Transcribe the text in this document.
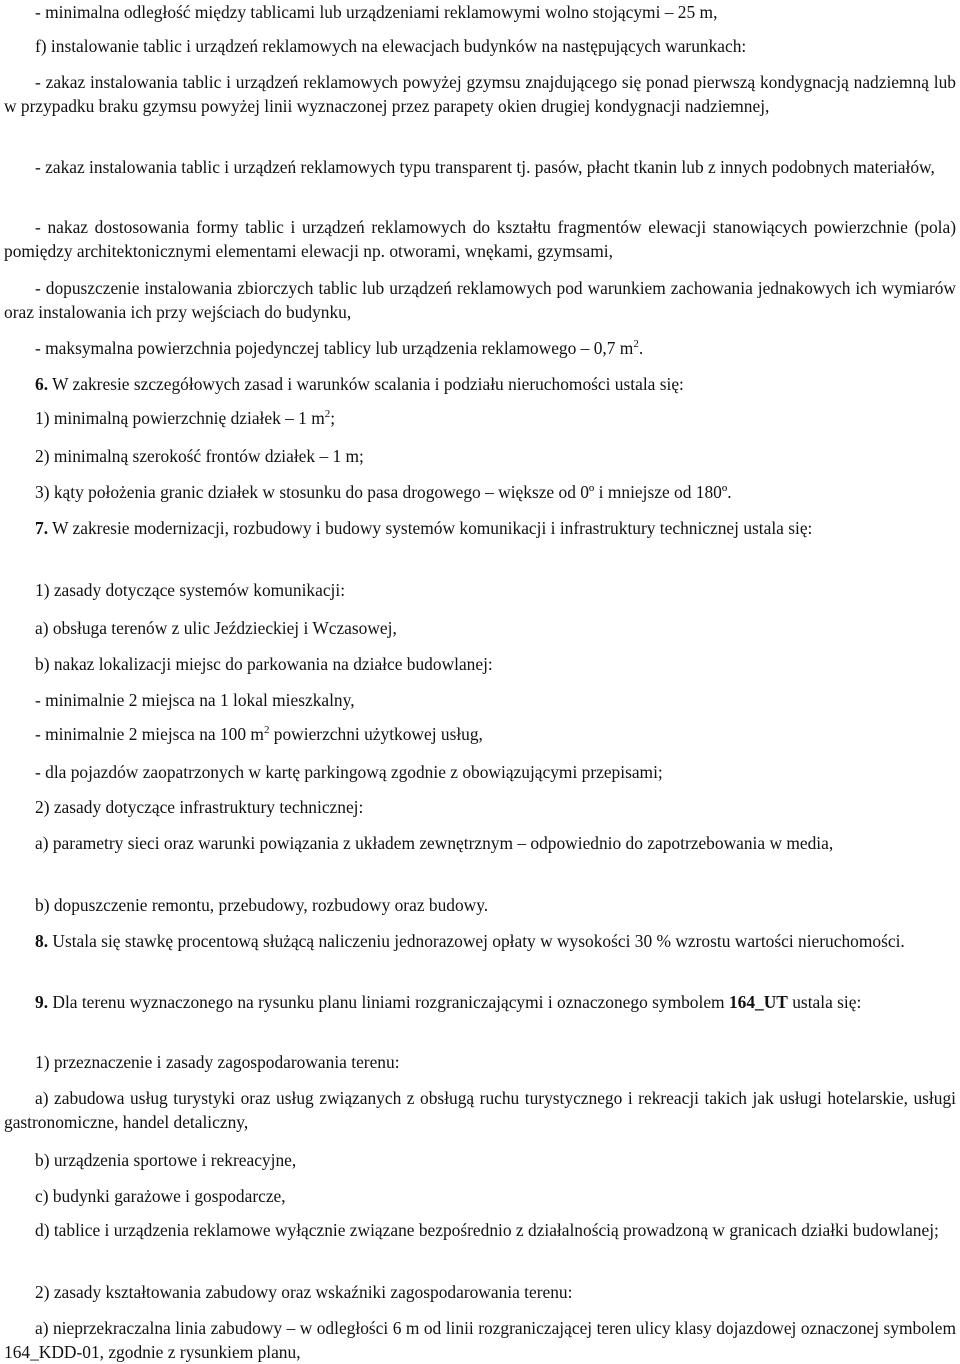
- minimalna odległość między tablicami lub urządzeniami reklamowymi wolno stojącymi – 25 m,

f) instalowanie tablic i urządzeń reklamowych na elewacjach budynków na następujących warunkach:

- zakaz instalowania tablic i urządzeń reklamowych powyżej gzymsu znajdującego się ponad pierwszą kondygnacją nadziemną lub w przypadku braku gzymsu powyżej linii wyznaczonej przez parapety okien drugiej kondygnacji nadziemnej,

- zakaz instalowania tablic i urządzeń reklamowych typu transparent tj. pasów, płacht tkanin lub z innych podobnych materiałów,

- nakaz dostosowania formy tablic i urządzeń reklamowych do kształtu fragmentów elewacji stanowiących powierzchnie (pola) pomiędzy architektonicznymi elementami elewacji np. otworami, wnękami, gzymsami,

- dopuszczenie instalowania zbiorczych tablic lub urządzeń reklamowych pod warunkiem zachowania jednakowych ich wymiarów oraz instalowania ich przy wejściach do budynku,

- maksymalna powierzchnia pojedynczej tablicy lub urządzenia reklamowego – 0,7 $m^2$.

6. W zakresie szczegółowych zasad i warunków scalania i podziału nieruchomości ustala się:

1) minimalną powierzchnię działek – 1 $m^2$;

2) minimalną szerokość frontów działek – 1 m;

3) kąty położenia granic działek w stosunku do pasa drogowego – większe od 0º i mniejsze od 180º.

7. W zakresie modernizacji, rozbudowy i budowy systemów komunikacji i infrastruktury technicznej ustala się:

1) zasady dotyczące systemów komunikacji:

a) obsługa terenów z ulic Jeździeckiej i Wczasowej,

b) nakaz lokalizacji miejsc do parkowania na działce budowlanej:

- minimalnie 2 miejsca na 1 lokal mieszkalny,

- minimalnie 2 miejsca na 100 $m^2$ powierzchni użytkowej usług,

- dla pojazdów zaopatrzonych w kartę parkingową zgodnie z obowiązującymi przepisami;

2) zasady dotyczące infrastruktury technicznej:

a) parametry sieci oraz warunki powiązania z układem zewnętrznym – odpowiednio do zapotrzebowania w media,

b) dopuszczenie remontu, przebudowy, rozbudowy oraz budowy.

8. Ustala się stawkę procentową służącą naliczeniu jednorazowej opłaty w wysokości 30 % wzrostu wartości nieruchomości.

9. Dla terenu wyznaczonego na rysunku planu liniami rozgraniczającymi i oznaczonego symbolem 164_UT ustala się:

1) przeznaczenie i zasady zagospodarowania terenu:

a) zabudowa usług turystyki oraz usług związanych z obsługą ruchu turystycznego i rekreacji takich jak usługi hotelarskie, usługi gastronomiczne, handel detaliczny,

b) urządzenia sportowe i rekreacyjne,

c) budynki garażowe i gospodarcze,

d) tablice i urządzenia reklamowe wyłącznie związane bezpośrednio z działalnością prowadzoną w granicach działki budowlanej;

2) zasady kształtowania zabudowy oraz wskaźniki zagospodarowania terenu:

a) nieprzekraczalna linia zabudowy – w odległości 6 m od linii rozgraniczającej teren ulicy klasy dojazdowej oznaczonej symbolem 164_KDD-01, zgodnie z rysunkiem planu,
